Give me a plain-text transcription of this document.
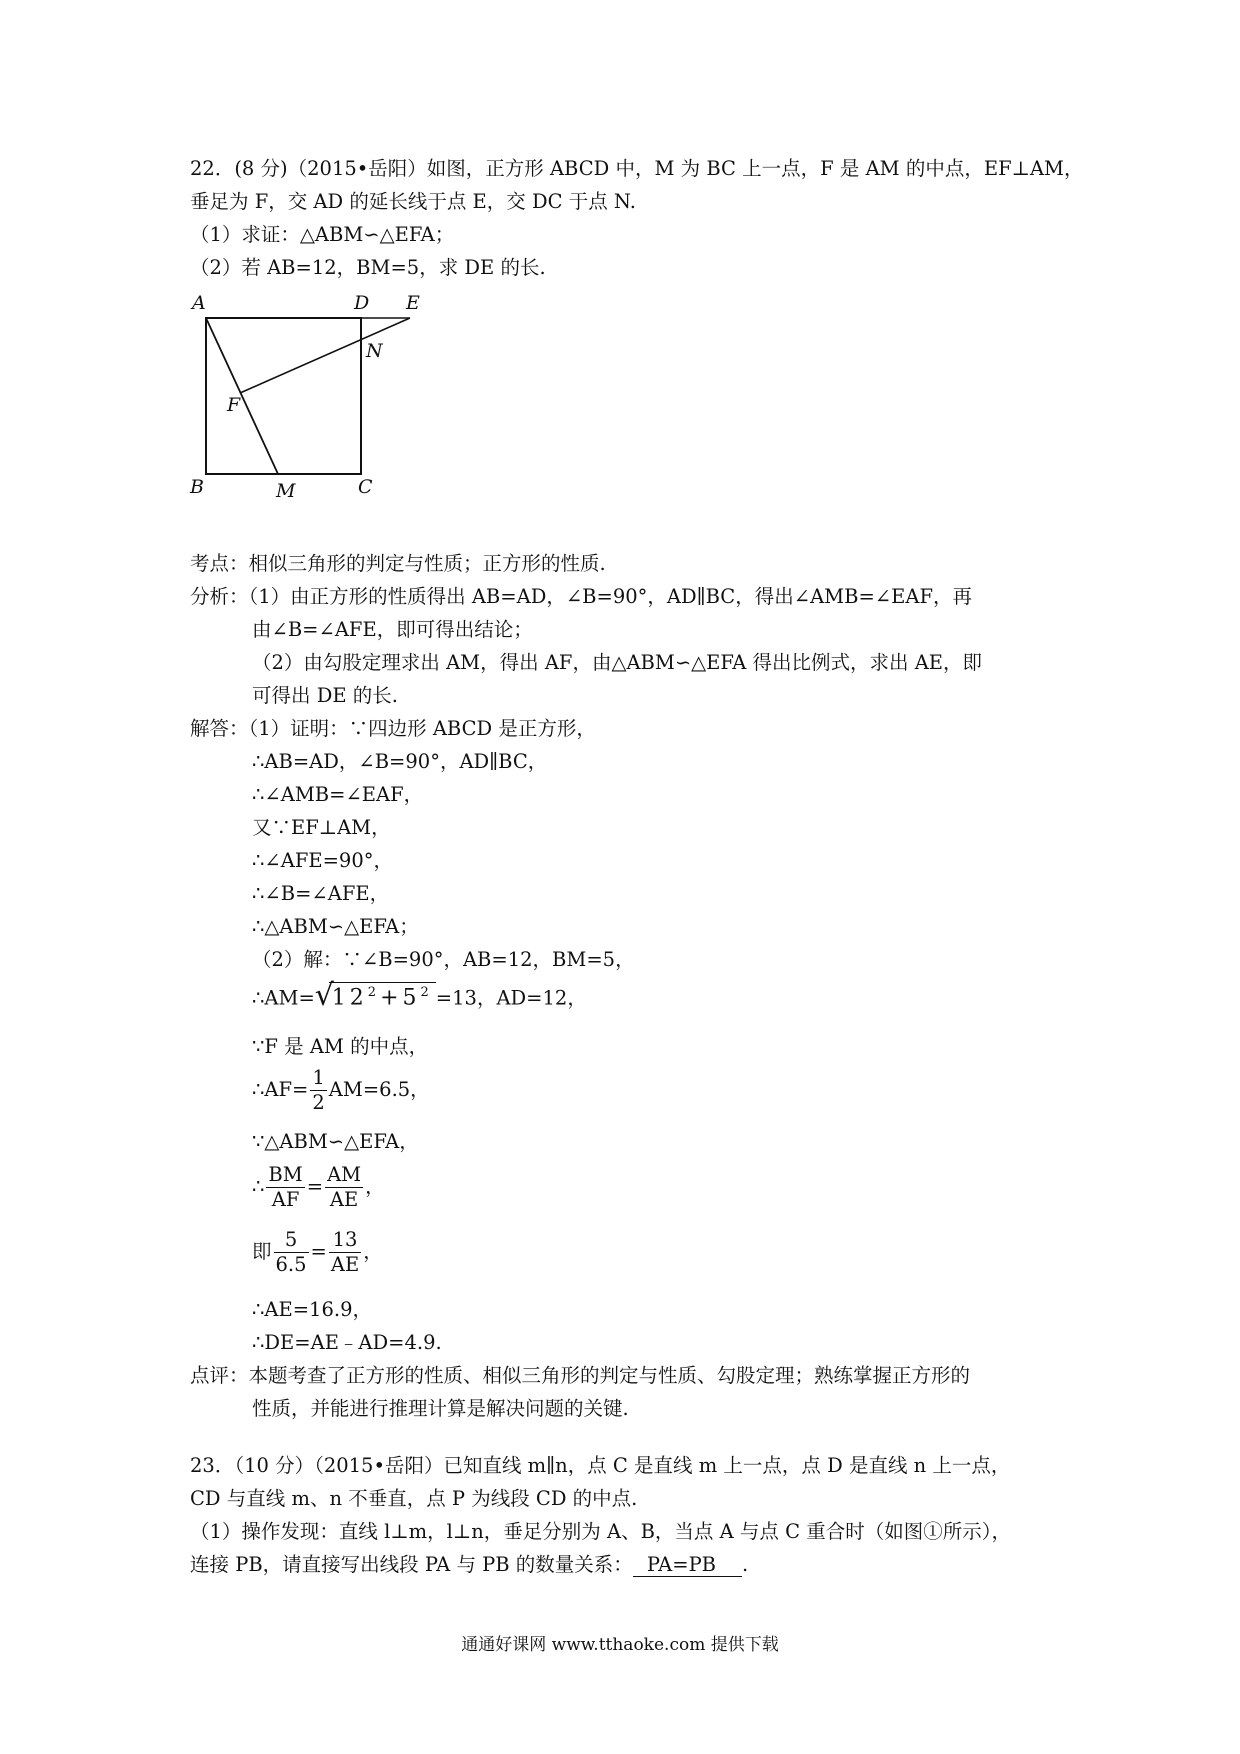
22．(8 分)（2015•岳阳）如图，正方形 ABCD 中，M 为 BC 上一点，F 是 AM 的中点，EF⊥AM，
垂足为 F，交 AD 的延长线于点 E，交 DC 于点 N.
（1）求证：△ABM∽△EFA；
（2）若 AB=12，BM=5，求 DE 的长.
A	D E
N
F
B	M	C
考点：相似三角形的判定与性质；正方形的性质.
分析：（1）由正方形的性质得出 AB=AD，∠B=90°，AD∥BC，得出∠AMB=∠EAF，再
由∠B=∠AFE，即可得出结论；
（2）由勾股定理求出 AM，得出 AF，由△ABM∽△EFA 得出比例式，求出 AE，即
可得出 DE 的长.
解答：（1）证明：∵四边形 ABCD 是正方形，
∴AB=AD，∠B=90°，AD∥BC，
∴∠AMB=∠EAF，
又∵EF⊥AM，
∴∠AFE=90°，
∴∠B=∠AFE，
∴△ABM∽△EFA；
（2）解：∵∠B=90°，AB=12，BM=5，
∴AM= √
$12^2+5^2 =13$，AD=12，
∵F 是 AM 的中点，
∴AF= $\frac{1}{2} AM=6.5$，
∵△ABM∽△EFA，
∴ $\frac{BM}{AF} = \frac{AM}{AE}$ ，
即 $\frac{5}{6.5} = \frac{13}{AE}$ ，
∴AE=16.9，
∴DE=AE﹣AD=4.9.
点评：本题考查了正方形的性质、相似三角形的判定与性质、勾股定理；熟练掌握正方形的
性质，并能进行推理计算是解决问题的关键.
23．（10 分）（2015•岳阳）已知直线 m∥n，点 C 是直线 m 上一点，点 D 是直线 n 上一点，
CD 与直线 m、n 不垂直，点 P 为线段 CD 的中点.
（1）操作发现：直线 l⊥m，l⊥n，垂足分别为 A、B，当点 A 与点 C 重合时（如图①所示），
连接 PB，请直接写出线段 PA 与 PB 的数量关系： PA=PB .
通通好课网 www.tthaoke.com 提供下载
